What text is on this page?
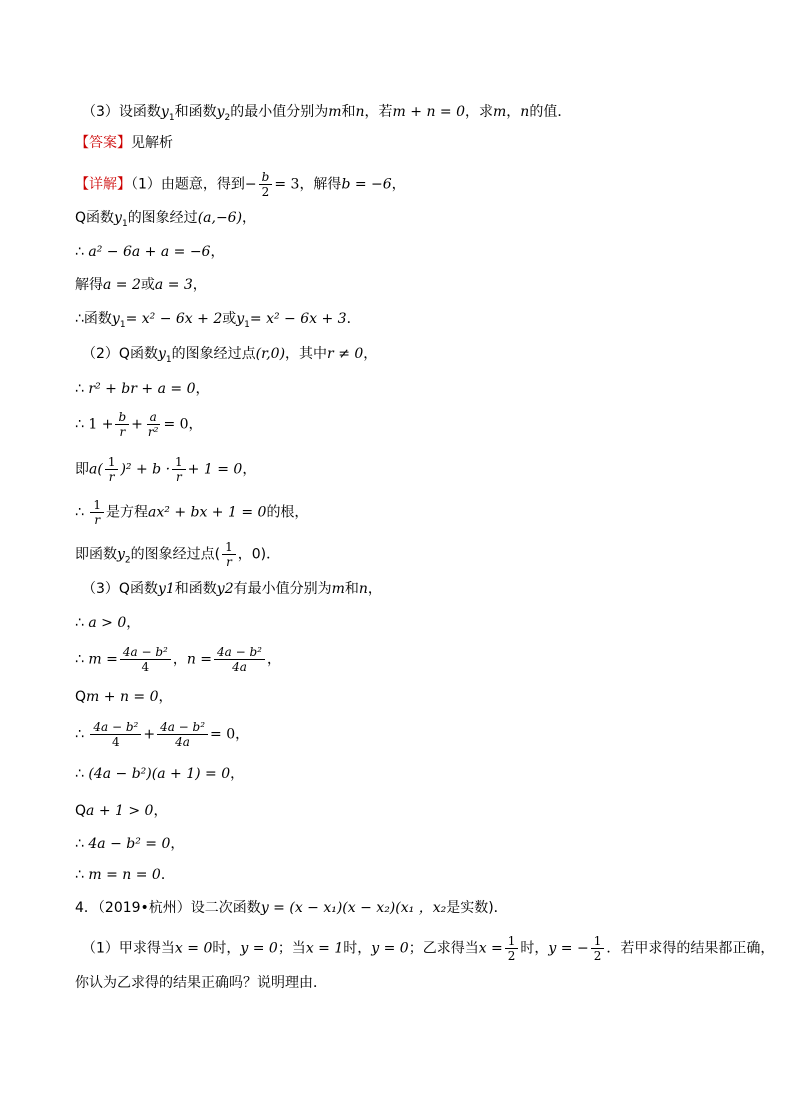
（3）设函数$y_1$和函数$y_2$的最小值分别为m和n，若m + n = 0，求m，n的值．
【答案】见解析
【详解】（1）由题意，得到− $\frac{b}{2} = 3$，解得b = −6，
Q函数$y_1$的图象经过(a,−6)，
∴ a² − 6a + a = −6，
解得a = 2或a = 3，
∴函数$y_1= x^2 - 6x + 2$或$y_1= x^2 - 6x + 3$．
（2）Q函数$y_1$的图象经过点(r,0)，其中r ≠ 0，
∴ r² + br + a = 0，
∴ $1 + \frac{b}{r} + \frac{a}{\text{r²}} = 0$，
即$a( \frac{1}{r} )^2 + b \cdot \frac{1}{r} + 1 = 0$，
∴ $\frac{1}{r}$ 是方程ax² + bx + 1 = 0的根，
即函数$y_2$的图象经过点( $\frac{1}{r}$ ，0)．
（3）Q函数y1和函数y2有最小值分别为m和n，
∴ a > 0，
∴ $m = \frac{\text{4a − b²}}{4}$ ，$n = \frac{\text{4a − b²}}{4a}$ ，
Qm + n = 0，
∴ $\frac{\text{4a − b²}}{4} + \frac{\text{4a − b²}}{4a} = 0$，
∴ (4a − b²)(a + 1) = 0，
Qa + 1 > 0，
∴ 4a − b² = 0，
∴ m = n = 0．
4．（2019•杭州）设二次函数y = (x − x₁)(x − x₂)(x₁ ，x₂是实数)．
（1）甲求得当x = 0时，y = 0；当x = 1时，y = 0；乙求得当$x = \frac{1}{2}$ 时，y = − $\frac{1}{2}$ ．若甲求得的结果都正确，
你认为乙求得的结果正确吗？说明理由．
